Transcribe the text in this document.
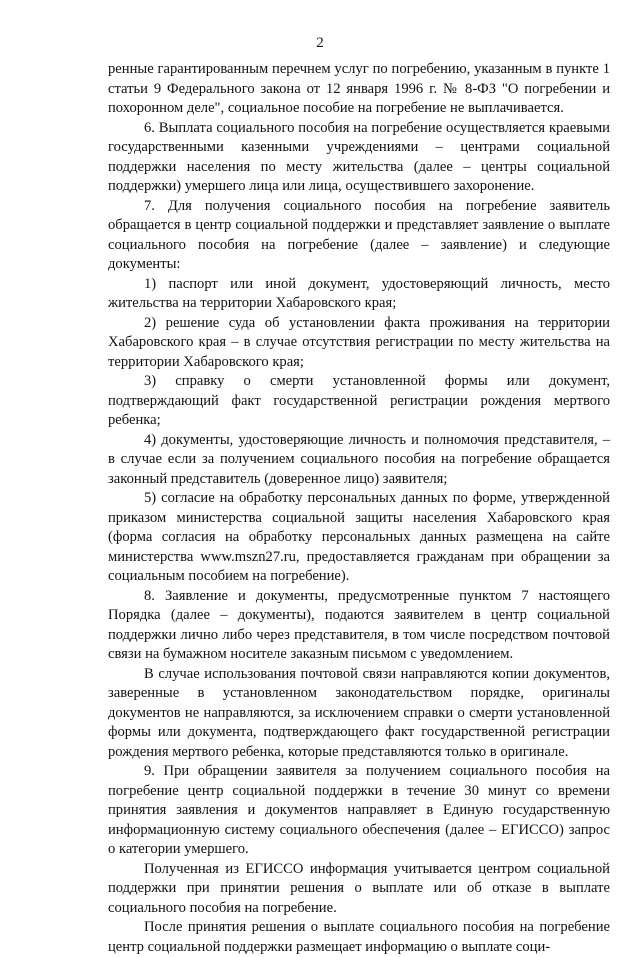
2

ренные гарантированным перечнем услуг по погребению, указанным в пункте 1 статьи 9 Федерального закона от 12 января 1996 г. № 8-ФЗ "О погребении и похоронном деле", социальное пособие на погребение не выплачивается.

6. Выплата социального пособия на погребение осуществляется краевыми государственными казенными учреждениями – центрами социальной поддержки населения по месту жительства (далее – центры социальной поддержки) умершего лица или лица, осуществившего захоронение.

7. Для получения социального пособия на погребение заявитель обращается в центр социальной поддержки и представляет заявление о выплате социального пособия на погребение (далее – заявление) и следующие документы:

1) паспорт или иной документ, удостоверяющий личность, место жительства на территории Хабаровского края;

2) решение суда об установлении факта проживания на территории Хабаровского края – в случае отсутствия регистрации по месту жительства на территории Хабаровского края;

3) справку о смерти установленной формы или документ, подтверждающий факт государственной регистрации рождения мертвого ребенка;

4) документы, удостоверяющие личность и полномочия представителя, – в случае если за получением социального пособия на погребение обращается законный представитель (доверенное лицо) заявителя;

5) согласие на обработку персональных данных по форме, утвержденной приказом министерства социальной защиты населения Хабаровского края (форма согласия на обработку персональных данных размещена на сайте министерства www.mszn27.ru, предоставляется гражданам при обращении за социальным пособием на погребение).

8. Заявление и документы, предусмотренные пунктом 7 настоящего Порядка (далее – документы), подаются заявителем в центр социальной поддержки лично либо через представителя, в том числе посредством почтовой связи на бумажном носителе заказным письмом с уведомлением.

В случае использования почтовой связи направляются копии документов, заверенные в установленном законодательством порядке, оригиналы документов не направляются, за исключением справки о смерти установленной формы или документа, подтверждающего факт государственной регистрации рождения мертвого ребенка, которые представляются только в оригинале.

9. При обращении заявителя за получением социального пособия на погребение центр социальной поддержки в течение 30 минут со времени принятия заявления и документов направляет в Единую государственную информационную систему социального обеспечения (далее – ЕГИССО) запрос о категории умершего.

Полученная из ЕГИССО информация учитывается центром социальной поддержки при принятии решения о выплате или об отказе в выплате социального пособия на погребение.

После принятия решения о выплате социального пособия на погребение центр социальной поддержки размещает информацию о выплате соци-
